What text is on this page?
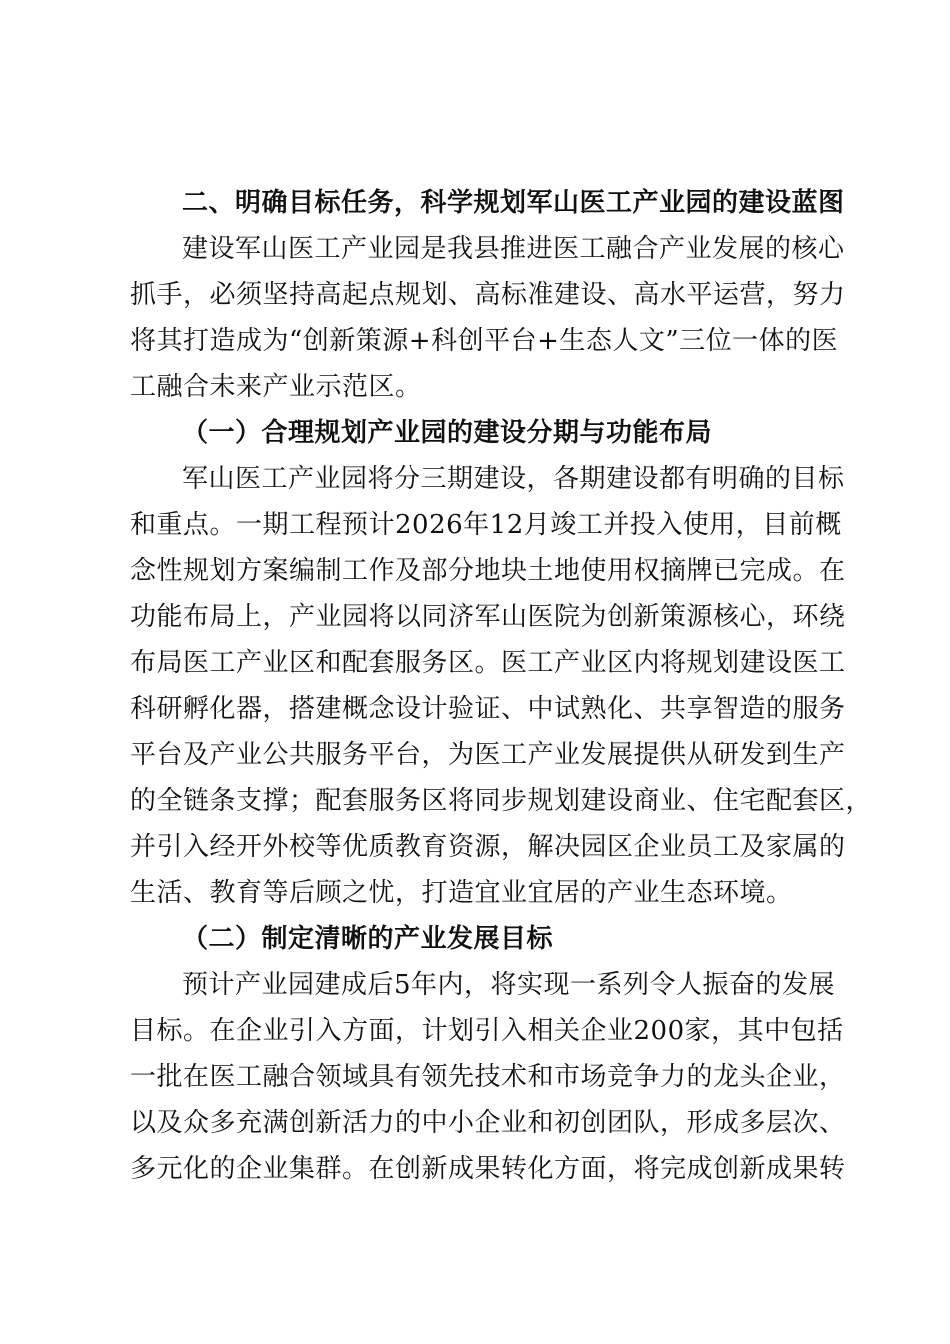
二、明确目标任务，科学规划军山医工产业园的建设蓝图
建设军山医工产业园是我县推进医工融合产业发展的核心
抓手，必须坚持高起点规划、高标准建设、高水平运营，努力
将其打造成为“创新策源+科创平台+生态人文”三位一体的医
工融合未来产业示范区。
（一）合理规划产业园的建设分期与功能布局
军山医工产业园将分三期建设，各期建设都有明确的目标
和重点。一期工程预计2026年12月竣工并投入使用，目前概
念性规划方案编制工作及部分地块土地使用权摘牌已完成。在
功能布局上，产业园将以同济军山医院为创新策源核心，环绕
布局医工产业区和配套服务区。医工产业区内将规划建设医工
科研孵化器，搭建概念设计验证、中试熟化、共享智造的服务
平台及产业公共服务平台，为医工产业发展提供从研发到生产
的全链条支撑；配套服务区将同步规划建设商业、住宅配套区，
并引入经开外校等优质教育资源，解决园区企业员工及家属的
生活、教育等后顾之忧，打造宜业宜居的产业生态环境。
（二）制定清晰的产业发展目标
预计产业园建成后5年内，将实现一系列令人振奋的发展
目标。在企业引入方面，计划引入相关企业200家，其中包括
一批在医工融合领域具有领先技术和市场竞争力的龙头企业，
以及众多充满创新活力的中小企业和初创团队，形成多层次、
多元化的企业集群。在创新成果转化方面，将完成创新成果转
